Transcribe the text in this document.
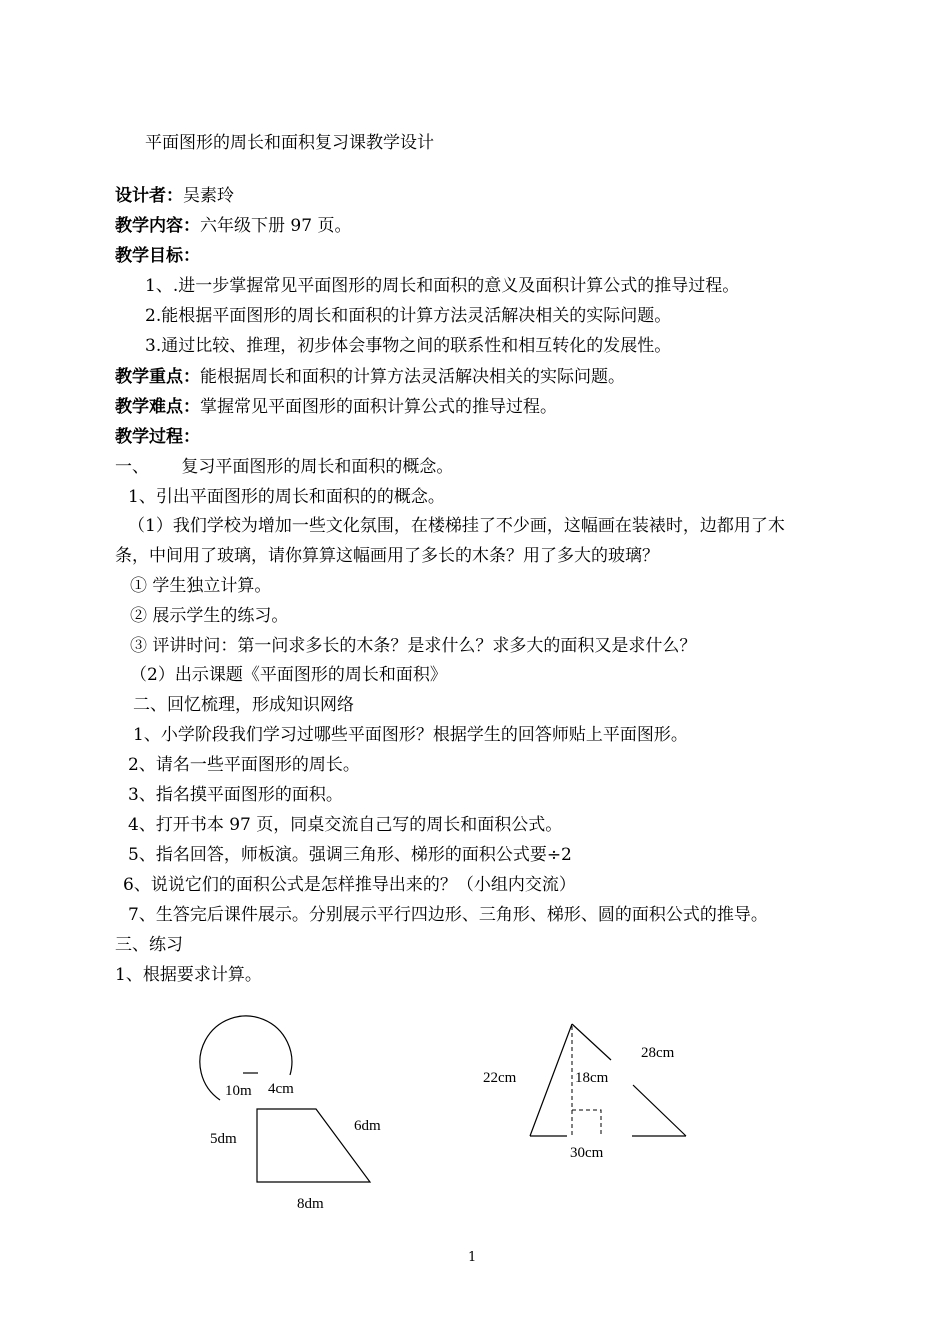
平面图形的周长和面积复习课教学设计
设计者：吴素玲
教学内容：六年级下册 97 页。
教学目标：
1、.进一步掌握常见平面图形的周长和面积的意义及面积计算公式的推导过程。
2.能根据平面图形的周长和面积的计算方法灵活解决相关的实际问题。
3.通过比较、推理，初步体会事物之间的联系性和相互转化的发展性。
教学重点：能根据周长和面积的计算方法灵活解决相关的实际问题。
教学难点：掌握常见平面图形的面积计算公式的推导过程。
教学过程：
一、      复习平面图形的周长和面积的概念。
1、引出平面图形的周长和面积的的概念。
（1）我们学校为增加一些文化氛围，在楼梯挂了不少画，这幅画在装裱时，边都用了木
条，中间用了玻璃，请你算算这幅画用了多长的木条？用了多大的玻璃？
① 学生独立计算。
② 展示学生的练习。
③ 评讲时问：第一问求多长的木条？是求什么？求多大的面积又是求什么？
（2）出示课题《平面图形的周长和面积》
二、回忆梳理，形成知识网络
1、小学阶段我们学习过哪些平面图形？根据学生的回答师贴上平面图形。
2、请名一些平面图形的周长。
3、指名摸平面图形的面积。
4、打开书本 97 页，同桌交流自己写的周长和面积公式。
5、指名回答，师板演。强调三角形、梯形的面积公式要÷2
6、说说它们的面积公式是怎样推导出来的？（小组内交流）
7、生答完后课件展示。分别展示平行四边形、三角形、梯形、圆的面积公式的推导。
三、练习
1、根据要求计算。
10m 4cm
5dm
6dm
8dm
22cm
28cm
18cm
30cm
1
